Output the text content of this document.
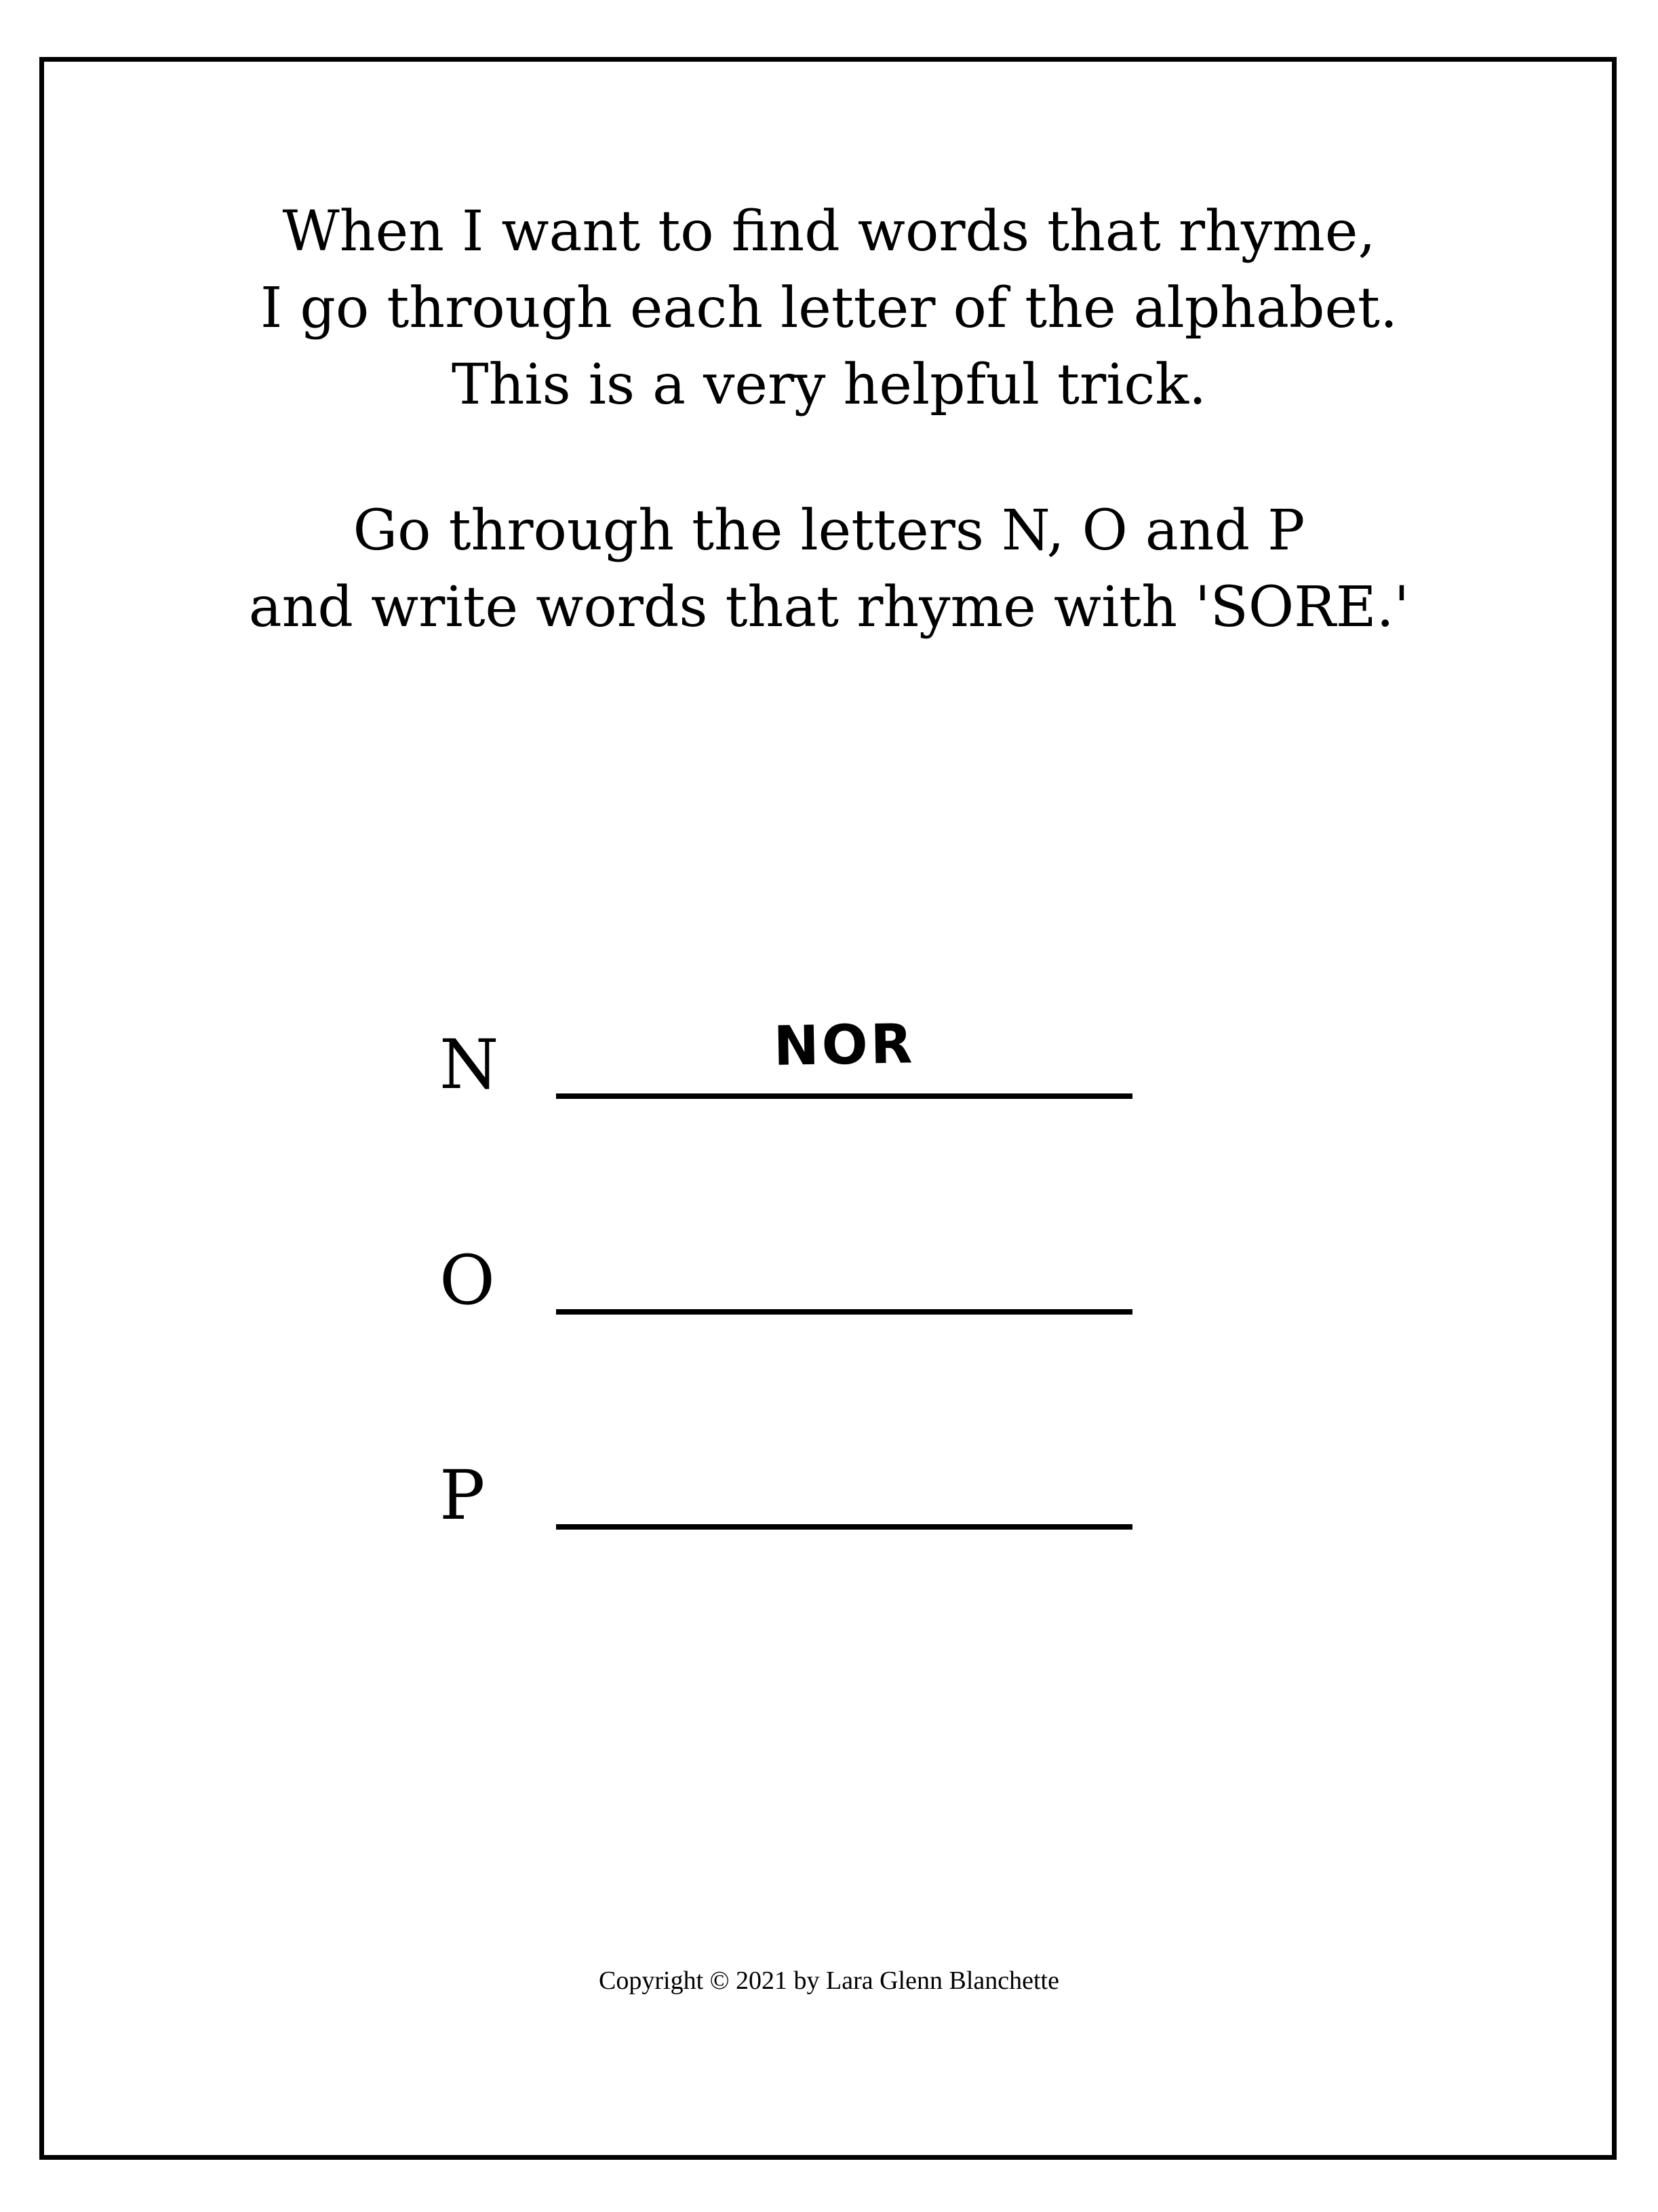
When I want to find words that rhyme,
I go through each letter of the alphabet.
This is a very helpful trick.
Go through the letters N, O and P
and write words that rhyme with 'SORE.'
N	NOR
O
P
Copyright © 2021 by Lara Glenn Blanchette
